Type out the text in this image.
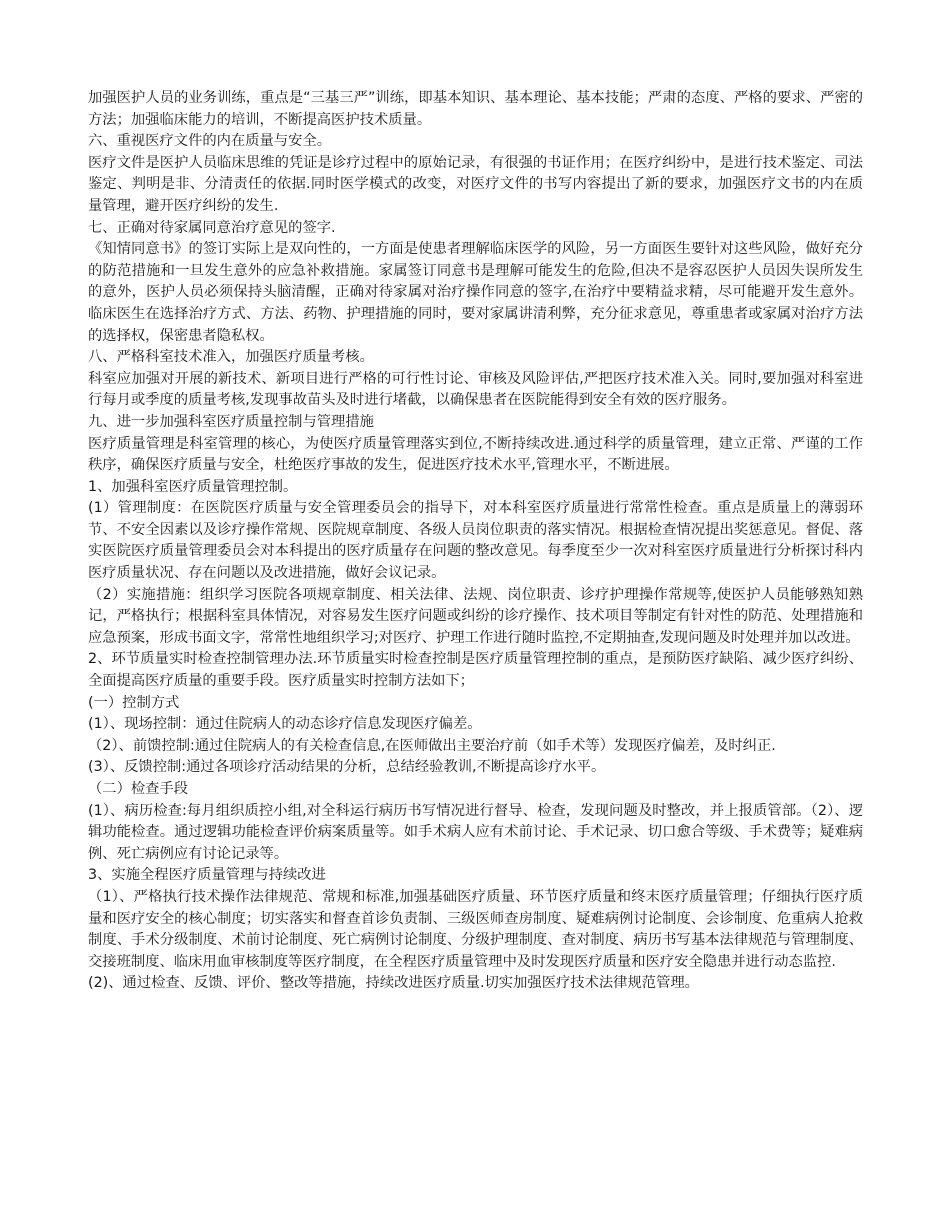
加强医护人员的业务训练，重点是“三基三严”训练，即基本知识、基本理论、基本技能；严肃的态度、严格的要求、严密的方法；加强临床能力的培训，不断提高医护技术质量。

六、重视医疗文件的内在质量与安全。

医疗文件是医护人员临床思维的凭证是诊疗过程中的原始记录，有很强的书证作用；在医疗纠纷中，是进行技术鉴定、司法鉴定、判明是非、分清责任的依据.同时医学模式的改变，对医疗文件的书写内容提出了新的要求，加强医疗文书的内在质量管理，避开医疗纠纷的发生.

七、正确对待家属同意治疗意见的签字.

《知情同意书》的签订实际上是双向性的，一方面是使患者理解临床医学的风险，另一方面医生要针对这些风险，做好充分的防范措施和一旦发生意外的应急补救措施。家属签订同意书是理解可能发生的危险,但决不是容忍医护人员因失误所发生的意外，医护人员必须保持头脑清醒，正确对待家属对治疗操作同意的签字,在治疗中要精益求精，尽可能避开发生意外。临床医生在选择治疗方式、方法、药物、护理措施的同时，要对家属讲清利弊，充分征求意见，尊重患者或家属对治疗方法的选择权，保密患者隐私权。

八、严格科室技术准入，加强医疗质量考核。

科室应加强对开展的新技术、新项目进行严格的可行性讨论、审核及风险评估,严把医疗技术准入关。同时,要加强对科室进行每月或季度的质量考核,发现事故苗头及时进行堵截，以确保患者在医院能得到安全有效的医疗服务。

九、进一步加强科室医疗质量控制与管理措施

医疗质量管理是科室管理的核心，为使医疗质量管理落实到位,不断持续改进.通过科学的质量管理，建立正常、严谨的工作秩序，确保医疗质量与安全，杜绝医疗事故的发生，促进医疗技术水平,管理水平，不断进展。

1、加强科室医疗质量管理控制。

(1）管理制度：在医院医疗质量与安全管理委员会的指导下，对本科室医疗质量进行常常性检查。重点是质量上的薄弱环节、不安全因素以及诊疗操作常规、医院规章制度、各级人员岗位职责的落实情况。根据检查情况提出奖惩意见。督促、落实医院医疗质量管理委员会对本科提出的医疗质量存在问题的整改意见。每季度至少一次对科室医疗质量进行分析探讨科内医疗质量状况、存在问题以及改进措施，做好会议记录。

（2）实施措施：组织学习医院各项规章制度、相关法律、法规、岗位职责、诊疗护理操作常规等,使医护人员能够熟知熟记，严格执行；根据科室具体情况，对容易发生医疗问题或纠纷的诊疗操作、技术项目等制定有针对性的防范、处理措施和应急预案，形成书面文字，常常性地组织学习;对医疗、护理工作进行随时监控,不定期抽查,发现问题及时处理并加以改进。

2、环节质量实时检查控制管理办法.环节质量实时检查控制是医疗质量管理控制的重点，是预防医疗缺陷、减少医疗纠纷、全面提高医疗质量的重要手段。医疗质量实时控制方法如下；

(一）控制方式

(1）、现场控制：通过住院病人的动态诊疗信息发现医疗偏差。

（2）、前馈控制:通过住院病人的有关检查信息,在医师做出主要治疗前（如手术等）发现医疗偏差，及时纠正.

(3）、反馈控制:通过各项诊疗活动结果的分析，总结经验教训,不断提高诊疗水平。

（二）检查手段

(1）、病历检查:每月组织质控小组,对全科运行病历书写情况进行督导、检查，发现问题及时整改，并上报质管部。（2）、逻辑功能检查。通过逻辑功能检查评价病案质量等。如手术病人应有术前讨论、手术记录、切口愈合等级、手术费等；疑难病例、死亡病例应有讨论记录等。

3、实施全程医疗质量管理与持续改进

（1）、严格执行技术操作法律规范、常规和标准,加强基础医疗质量、环节医疗质量和终末医疗质量管理；仔细执行医疗质量和医疗安全的核心制度；切实落实和督查首诊负责制、三级医师查房制度、疑难病例讨论制度、会诊制度、危重病人抢救制度、手术分级制度、术前讨论制度、死亡病例讨论制度、分级护理制度、查对制度、病历书写基本法律规范与管理制度、交接班制度、临床用血审核制度等医疗制度，在全程医疗质量管理中及时发现医疗质量和医疗安全隐患并进行动态监控.

(2)、通过检查、反馈、评价、整改等措施，持续改进医疗质量.切实加强医疗技术法律规范管理。
